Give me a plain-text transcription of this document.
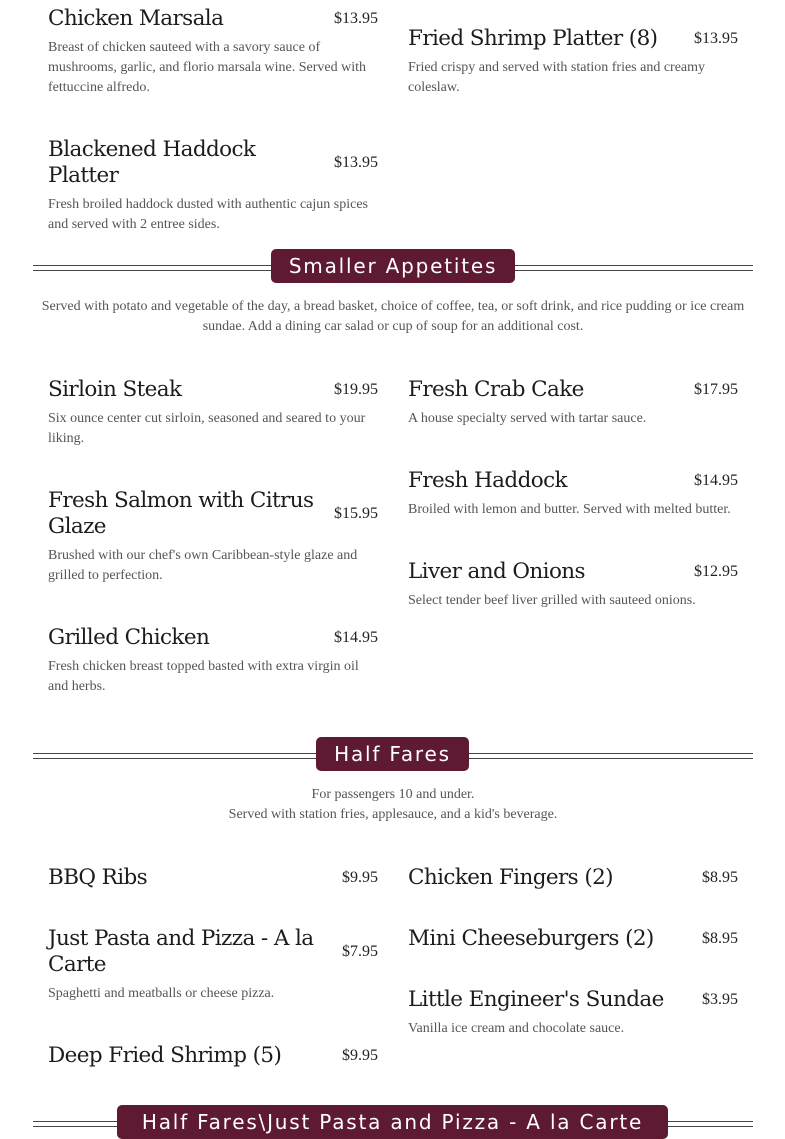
Chicken Marsala	$13.95
Breast of chicken sauteed with a savory sauce of mushrooms, garlic, and florio marsala wine. Served with fettuccine alfredo.
Blackened Haddock Platter
$13.95
Fresh broiled haddock dusted with authentic cajun spices and served with 2 entree sides.
Fried Shrimp Platter (8)	$13.95
Fried crispy and served with station fries and creamy coleslaw.
Smaller Appetites
Served with potato and vegetable of the day, a bread basket, choice of coffee, tea, or soft drink, and rice pudding or ice cream sundae. Add a dining car salad or cup of soup for an additional cost.
Sirloin Steak	$19.95
Six ounce center cut sirloin, seasoned and seared to your liking.
Fresh Salmon with Citrus Glaze
$15.95
Brushed with our chef's own Caribbean-style glaze and grilled to perfection.
Grilled Chicken	$14.95
Fresh chicken breast topped basted with extra virgin oil and herbs.
Fresh Crab Cake	$17.95
A house specialty served with tartar sauce.
Fresh Haddock	$14.95
Broiled with lemon and butter. Served with melted butter.
Liver and Onions	$12.95
Select tender beef liver grilled with sauteed onions.
Half Fares
For passengers 10 and under.
Served with station fries, applesauce, and a kid's beverage.
BBQ Ribs	$9.95
Just Pasta and Pizza - A la Carte
$7.95
Spaghetti and meatballs or cheese pizza.
Deep Fried Shrimp (5)	$9.95
Chicken Fingers (2)	$8.95
Mini Cheeseburgers (2)	$8.95
Little Engineer's Sundae	$3.95
Vanilla ice cream and chocolate sauce.
Half Fares\Just Pasta and Pizza - A la Carte
